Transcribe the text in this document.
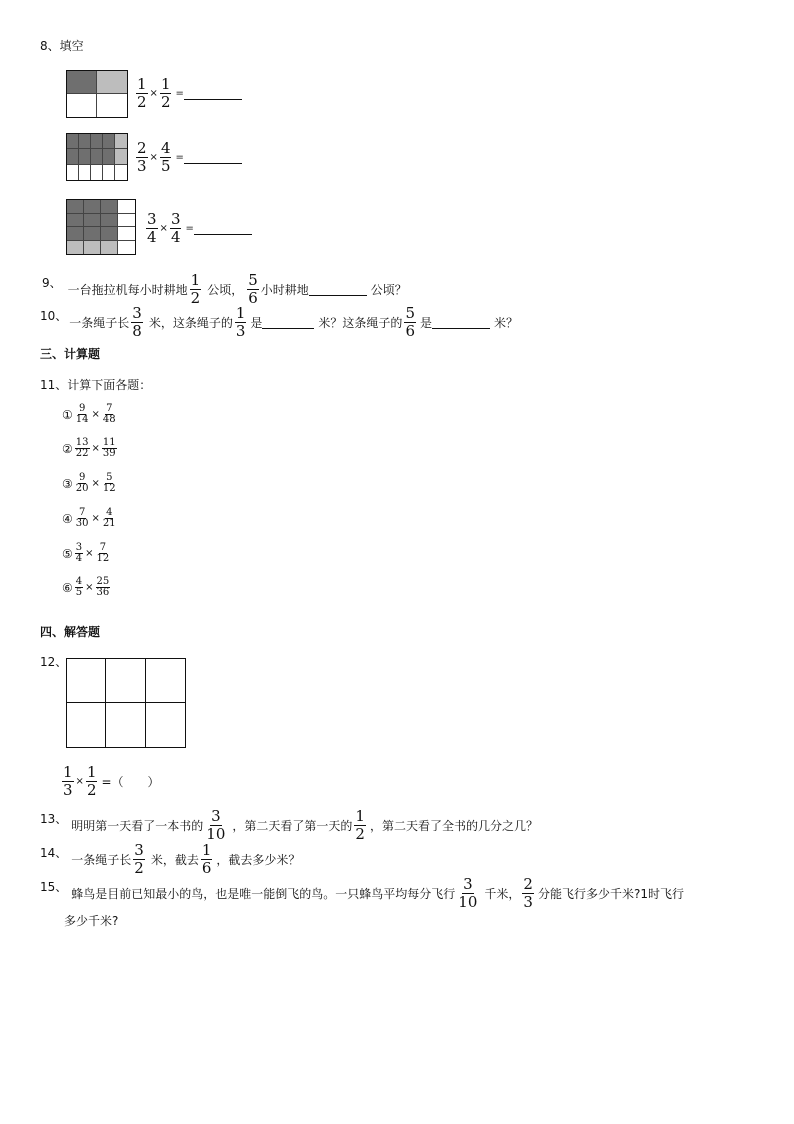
8、填空
$\frac{1}{2} \times \frac{1}{2}$ =
$\frac{2}{3} \times \frac{4}{5}$ =
$\frac{3}{4} \times \frac{3}{4}$ =
9、 一台拖拉机每小时耕地 $\frac{1}{2}$ 公顷， $\frac{5}{6}$ 小时耕地	公顷？
10、 一条绳子长 $\frac{3}{8}$ 米，这条绳子的 $\frac{1}{3}$ 是	米？这条绳子的 $\frac{5}{6}$ 是	米？
三、计算题
11、计算下面各题：
① $\frac{9}{14} \times \frac{7}{48}$
② $\frac{13}{22} \times \frac{11}{39}$
③ $\frac{9}{20} \times \frac{5}{12}$
④ $\frac{7}{30} \times \frac{4}{21}$
⑤ $\frac{3}{4} \times \frac{7}{12}$
⑥ $\frac{4}{5} \times \frac{25}{36}$
四、解答题
12、
$\frac{1}{3} \times \frac{1}{2}$ =（　　）
13、 明明第一天看了一本书的 $\frac{3}{10}$ ，第二天看了第一天的 $\frac{1}{2}$ ，第二天看了全书的几分之几？
14、 一条绳子长 $\frac{3}{2}$ 米，截去 $\frac{1}{6}$ ，截去多少米？
15、 蜂鸟是目前已知最小的鸟，也是唯一能倒飞的鸟。一只蜂鸟平均每分飞行 $\frac{3}{10}$ 千米， $\frac{2}{3}$ 分能飞行多少千米?1时飞行
多少千米?
